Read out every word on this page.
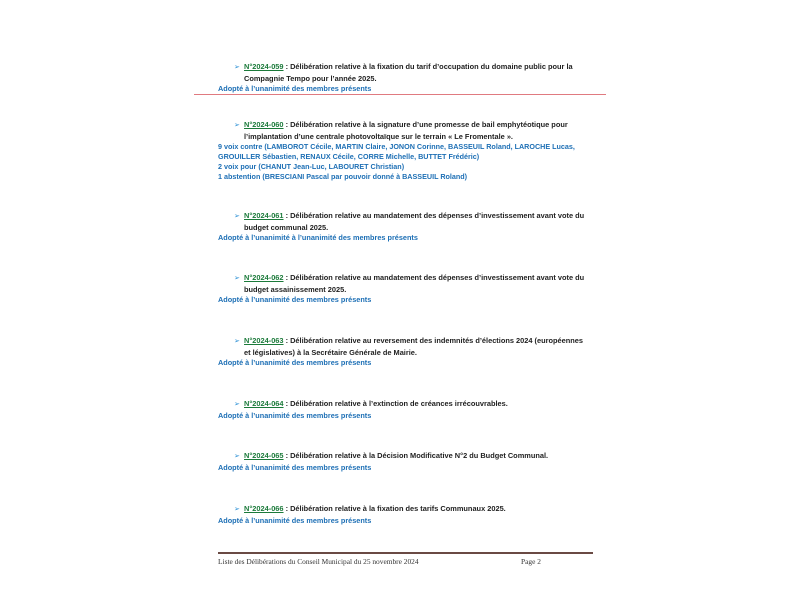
➢ N°2024-059 : Délibération relative à la fixation du tarif d’occupation du domaine public pour la
Compagnie Tempo pour l’année 2025.
Adopté à l’unanimité des membres présents
➢ N°2024-060 : Délibération relative à la signature d’une promesse de bail emphytéotique pour
l’implantation d’une centrale photovoltaïque sur le terrain « Le Fromentale ».
9 voix contre (LAMBOROT Cécile, MARTIN Claire, JONON Corinne, BASSEUIL Roland, LAROCHE Lucas,
GROUILLER Sébastien, RENAUX Cécile, CORRE Michelle, BUTTET Frédéric)
2 voix pour (CHANUT Jean-Luc, LABOURET Christian)
1 abstention (BRESCIANI Pascal par pouvoir donné à BASSEUIL Roland)
➢ N°2024-061 : Délibération relative au mandatement des dépenses d’investissement avant vote du
budget communal 2025.
Adopté à l’unanimité à l’unanimité des membres présents
➢ N°2024-062 : Délibération relative au mandatement des dépenses d’investissement avant vote du
budget assainissement 2025.
Adopté à l’unanimité des membres présents
➢ N°2024-063 : Délibération relative au reversement des indemnités d’élections 2024 (européennes
et législatives) à la Secrétaire Générale de Mairie.
Adopté à l’unanimité des membres présents
➢ N°2024-064 : Délibération relative à l’extinction de créances irrécouvrables.
Adopté à l’unanimité des membres présents
➢ N°2024-065 : Délibération relative à la Décision Modificative N°2 du Budget Communal.
Adopté à l’unanimité des membres présents
➢ N°2024-066 : Délibération relative à la fixation des tarifs Communaux 2025.
Adopté à l’unanimité des membres présents
Liste des Délibérations du Conseil Municipal du 25 novembre 2024	Page 2
